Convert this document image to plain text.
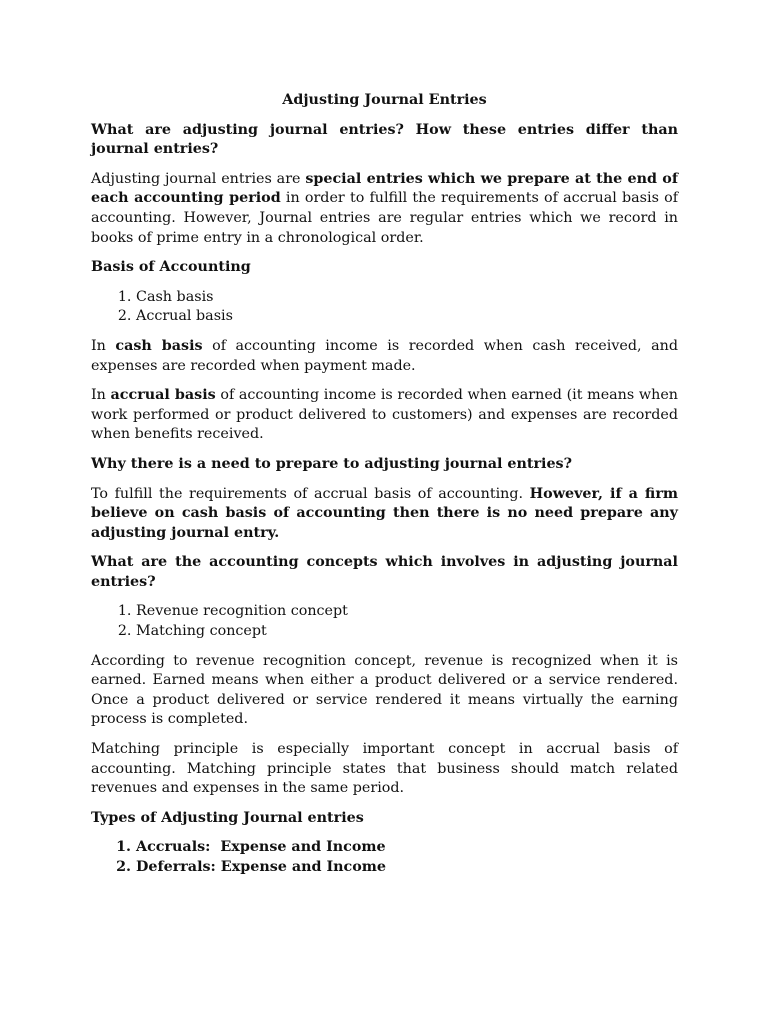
Adjusting Journal Entries
What are adjusting journal entries? How these entries differ than journal entries?
Adjusting journal entries are special entries which we prepare at the end of each accounting period in order to fulfill the requirements of accrual basis of accounting. However, Journal entries are regular entries which we record in books of prime entry in a chronological order.
Basis of Accounting
1. Cash basis
2. Accrual basis
In cash basis of accounting income is recorded when cash received, and expenses are recorded when payment made.
In accrual basis of accounting income is recorded when earned (it means when work performed or product delivered to customers) and expenses are recorded when benefits received.
Why there is a need to prepare to adjusting journal entries?
To fulfill the requirements of accrual basis of accounting. However, if a firm believe on cash basis of accounting then there is no need prepare any adjusting journal entry.
What are the accounting concepts which involves in adjusting journal entries?
1. Revenue recognition concept
2. Matching concept
According to revenue recognition concept, revenue is recognized when it is earned. Earned means when either a product delivered or a service rendered. Once a product delivered or service rendered it means virtually the earning process is completed.
Matching principle is especially important concept in accrual basis of accounting. Matching principle states that business should match related revenues and expenses in the same period.
Types of Adjusting Journal entries
1. Accruals:  Expense and Income
2. Deferrals: Expense and Income
